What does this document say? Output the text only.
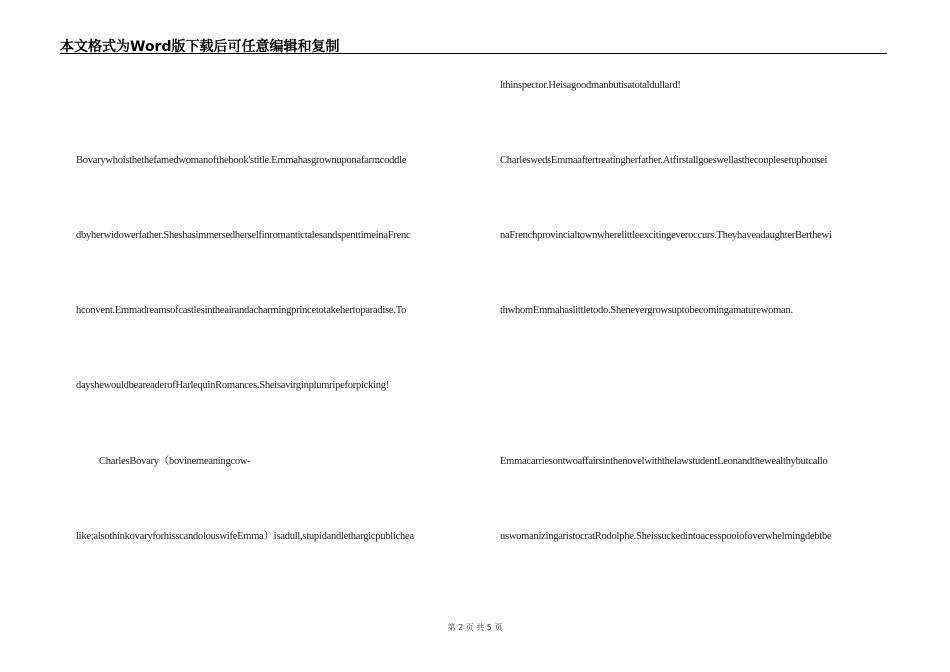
本文格式为Word版下载后可任意编辑和复制
Bovarywhoisthethefamedwomanofthebook'stitle.Emmahasgrownuponafarmcoddle
dbyherwidowerfather.SheshasimmersedherselfinromantictalesandspenttimeinaFrenc
hconvent.Emmadreamsofcastlesintheairandacharmingprincetotakehertoparadise.To
dayshewouldbeareaderofHarlequinRomances.Sheisavirginplumripeforpicking!
CharlesBovary（bovinemeaningcow-
like;alsothinkovaryforhisscandolouswifeEmma）isadull,stupidandlethargicpublichea
lthinspector.Heisagoodmanbutisatotaldullard!
CharleswedsEmmaaftertreatingherfather.Atfirstallgoeswellasthecouplesetuphousei
naFrenchprovincialtownwherelittleexcitingeveroccurs.TheyhaveadaughterBerthewi
thwhomEmmahaslittletodo.Shenevergrowsuptobecomingamaturewoman.
EmmacarriesontwoaffairsinthenovelwiththelawstudentLeonandthewealthybutcallo
uswomanizingaristocratRodolphe.Sheissuckedintoacesspoolofoverwhelmingdebtbe
第 2 页 共 5 页
